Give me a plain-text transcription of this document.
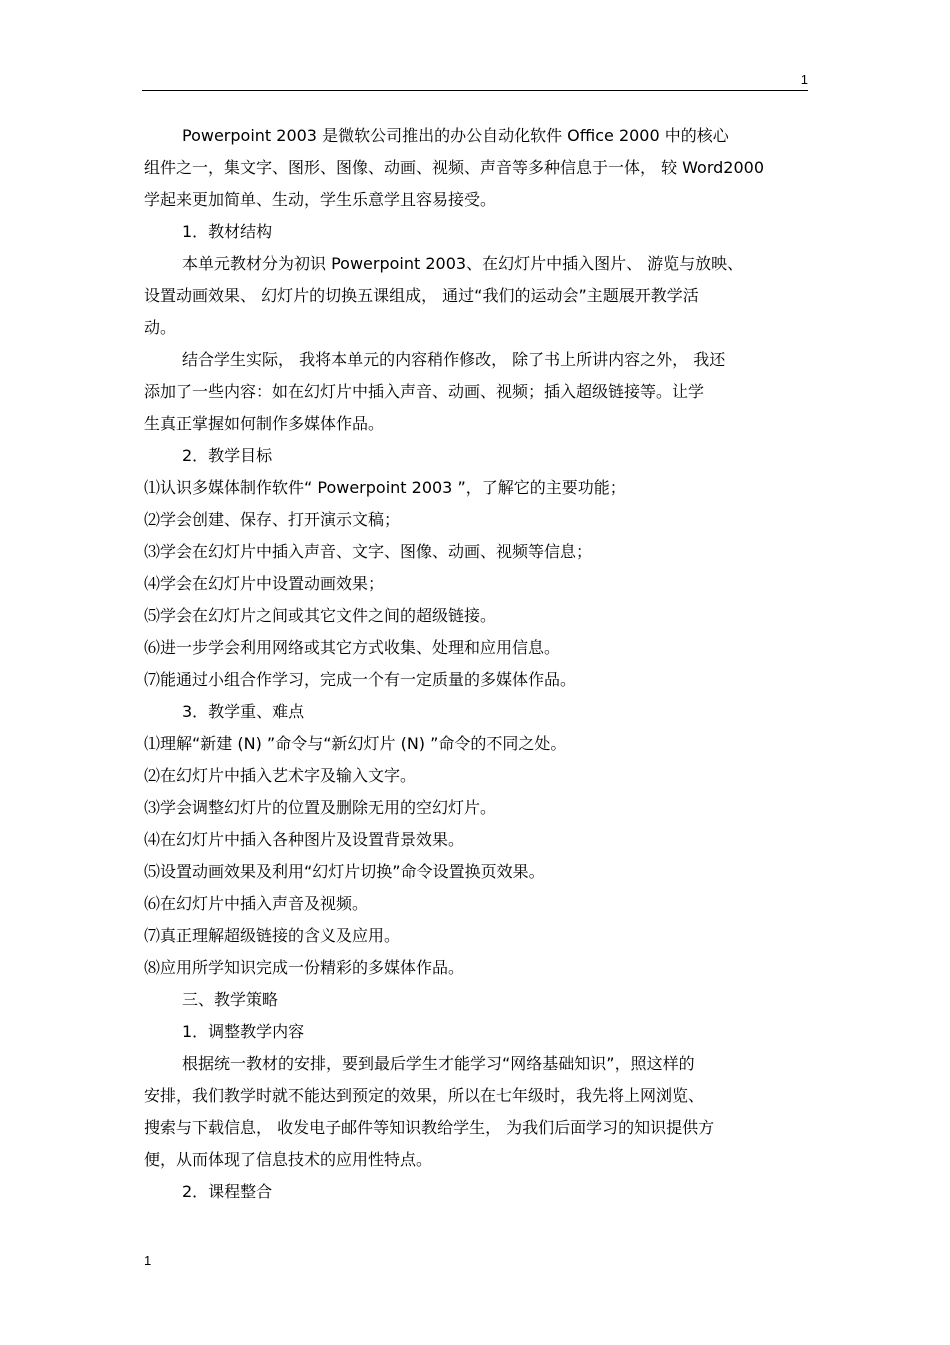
1
Powerpoint 2003 是微软公司推出的办公自动化软件 Office 2000 中的核心
组件之一，集文字、图形、图像、动画、视频、声音等多种信息于一体， 较 Word2000
学起来更加简单、生动，学生乐意学且容易接受。
1．教材结构
本单元教材分为初识 Powerpoint 2003、在幻灯片中插入图片、 游览与放映、
设置动画效果、 幻灯片的切换五课组成， 通过“我们的运动会”主题展开教学活
动。
结合学生实际， 我将本单元的内容稍作修改， 除了书上所讲内容之外， 我还
添加了一些内容：如在幻灯片中插入声音、动画、视频；插入超级链接等。让学
生真正掌握如何制作多媒体作品。
2．教学目标
⑴认识多媒体制作软件“ Powerpoint 2003 ”，了解它的主要功能；
⑵学会创建、保存、打开演示文稿；
⑶学会在幻灯片中插入声音、文字、图像、动画、视频等信息；
⑷学会在幻灯片中设置动画效果；
⑸学会在幻灯片之间或其它文件之间的超级链接。
⑹进一步学会利用网络或其它方式收集、处理和应用信息。
⑺能通过小组合作学习，完成一个有一定质量的多媒体作品。
3．教学重、难点
⑴理解“新建 (N) ”命令与“新幻灯片 (N) ”命令的不同之处。
⑵在幻灯片中插入艺术字及输入文字。
⑶学会调整幻灯片的位置及删除无用的空幻灯片。
⑷在幻灯片中插入各种图片及设置背景效果。
⑸设置动画效果及利用“幻灯片切换”命令设置换页效果。
⑹在幻灯片中插入声音及视频。
⑺真正理解超级链接的含义及应用。
⑻应用所学知识完成一份精彩的多媒体作品。
三、教学策略
1．调整教学内容
根据统一教材的安排，要到最后学生才能学习“网络基础知识”，照这样的
安排，我们教学时就不能达到预定的效果，所以在七年级时，我先将上网浏览、
搜索与下载信息， 收发电子邮件等知识教给学生， 为我们后面学习的知识提供方
便，从而体现了信息技术的应用性特点。
2．课程整合
1
